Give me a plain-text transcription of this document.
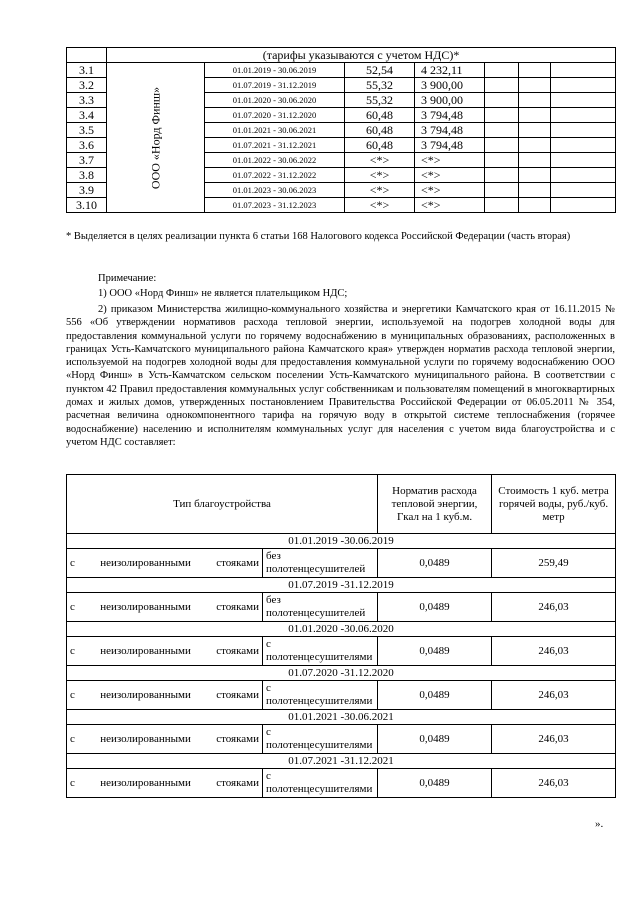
	(тарифы указываются с учетом НДС)*						
3.1	ООО «Норд Финш»	01.01.2019 - 30.06.2019	52,54	4 232,11			
3.2		01.07.2019 - 31.12.2019	55,32	3 900,00			
3.3		01.01.2020 - 30.06.2020	55,32	3 900,00			
3.4		01.07.2020 - 31.12.2020	60,48	3 794,48			
3.5		01.01.2021 - 30.06.2021	60,48	3 794,48			
3.6		01.07.2021 - 31.12.2021	60,48	3 794,48			
3.7		01.01.2022 - 30.06.2022	<*>	<*>			
3.8		01.07.2022 - 31.12.2022	<*>	<*>			
3.9		01.01.2023 - 30.06.2023	<*>	<*>			
3.10		01.07.2023 - 31.12.2023	<*>	<*>			
* Выделяется в целях реализации пункта 6 статьи 168 Налогового кодекса Российской Федерации (часть вторая)
Примечание:
1) ООО «Норд Финш» не является плательщиком НДС;
2) приказом Министерства жилищно-коммунального хозяйства и энергетики Камчатского края от 16.11.2015 № 556 «Об утверждении нормативов расхода тепловой энергии, используемой на подогрев холодной воды для предоставления коммунальной услуги по горячему водоснабжению в муниципальных образованиях, расположенных в границах Усть-Камчатского муниципального района Камчатского края» утвержден норматив расхода тепловой энергии, используемой на подогрев холодной воды для предоставления коммунальной услуги по горячему водоснабжению ООО «Норд Финш» в Усть-Камчатском сельском поселении Усть-Камчатского муниципального района. В соответствии с пунктом 42 Правил предоставления коммунальных услуг собственникам и пользователям помещений в многоквартирных домах и жилых домов, утвержденных постановлением Правительства Российской Федерации от 06.05.2011 № 354, расчетная величина однокомпонентного тарифа на горячую воду в открытой системе теплоснабжения (горячее водоснабжение) населению и исполнителям коммунальных услуг для населения с учетом вида благоустройства и с учетом НДС составляет:
Тип благоустройства		Норматив расхода тепловой энергии, Гкал на 1 куб.м.	Стоимость 1 куб. метра горячей воды, руб./куб. метр
01.01.2019 -30.06.2019			
с неизолированными стояками	без полотенцесушителей	0,0489	259,49
01.07.2019 -31.12.2019			
с неизолированными стояками	без полотенцесушителей	0,0489	246,03
01.01.2020 -30.06.2020			
с неизолированными стояками	с полотенцесушителями	0,0489	246,03
01.07.2020 -31.12.2020			
с неизолированными стояками	с полотенцесушителями	0,0489	246,03
01.01.2021 -30.06.2021			
с неизолированными стояками	с полотенцесушителями	0,0489	246,03
01.07.2021 -31.12.2021			
с неизолированными стояками	с полотенцесушителями	0,0489	246,03
».
